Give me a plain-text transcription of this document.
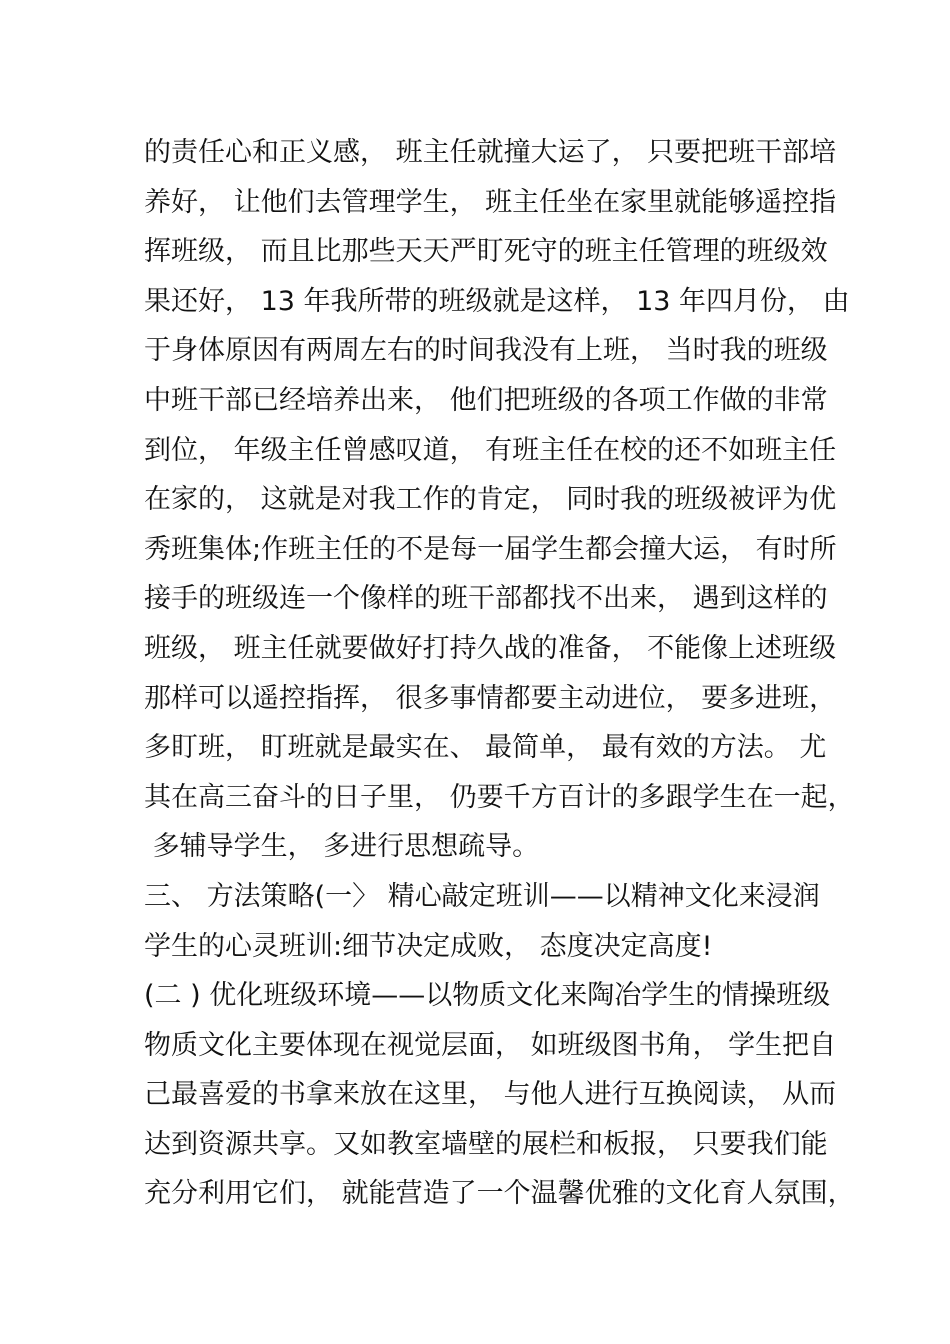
的责任心和正义感， 班主任就撞大运了， 只要把班干部培
养好， 让他们去管理学生， 班主任坐在家里就能够遥控指
挥班级， 而且比那些天天严盯死守的班主任管理的班级效
果还好， 13 年我所带的班级就是这样， 13 年四月份， 由
于身体原因有两周左右的时间我没有上班， 当时我的班级
中班干部已经培养出来， 他们把班级的各项工作做的非常
到位， 年级主任曾感叹道， 有班主任在校的还不如班主任
在家的， 这就是对我工作的肯定， 同时我的班级被评为优
秀班集体;作班主任的不是每一届学生都会撞大运， 有时所
接手的班级连一个像样的班干部都找不出来， 遇到这样的
班级， 班主任就要做好打持久战的准备， 不能像上述班级
那样可以遥控指挥， 很多事情都要主动进位， 要多进班，
多盯班， 盯班就是最实在、 最简单， 最有效的方法。 尤
其在高三奋斗的日子里， 仍要千方百计的多跟学生在一起，
多辅导学生， 多进行思想疏导。
三、 方法策略(一〉 精心敲定班训——以精神文化来浸润
学生的心灵班训:细节决定成败， 态度决定高度!
(二 ) 优化班级环境——以物质文化来陶冶学生的情操班级
物质文化主要体现在视觉层面， 如班级图书角， 学生把自
己最喜爱的书拿来放在这里， 与他人进行互换阅读， 从而
达到资源共享。又如教室墙壁的展栏和板报， 只要我们能
充分利用它们， 就能营造了一个温馨优雅的文化育人氛围，
